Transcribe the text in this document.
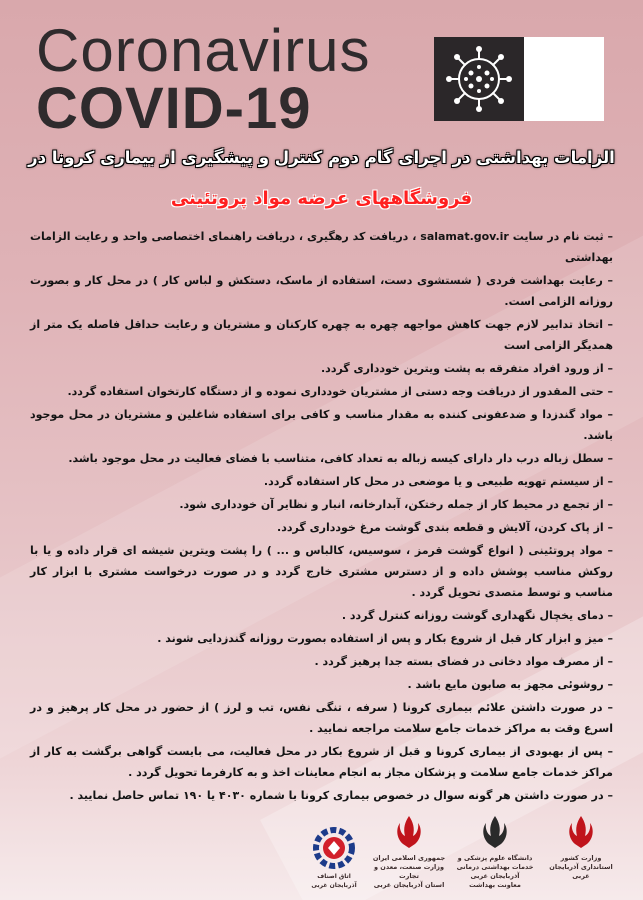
Coronavirus
COVID-19
الزامات بهداشتی در اجرای گام دوم کنترل و پیشگیری از بیماری کرونا در
فروشگاههای عرضه مواد پروتئینی
– ثبت نام در سایت salamat.gov.ir ، دریافت کد رهگیری ، دریافت راهنمای اختصاصی واحد و رعایت الزامات بهداشتی
– رعایت بهداشت فردی ( شستشوی دست، استفاده از ماسک، دستکش و لباس کار ) در محل کار و بصورت روزانه الزامی است.
– اتخاذ تدابیر لازم جهت کاهش مواجهه چهره به چهره کارکنان و مشتریان و رعایت حداقل فاصله یک متر از همدیگر الزامی است
– از ورود افراد متفرقه به پشت ویترین خودداری گردد.
– حتی المقدور از دریافت وجه دستی از مشتریان خودداری نموده و از دستگاه کارتخوان استفاده گردد.
– مواد گندزدا و ضدعفونی کننده به مقدار مناسب و کافی برای استفاده شاغلین و مشتریان در محل موجود باشد.
– سطل زباله درب دار دارای کیسه زباله به تعداد کافی، متناسب با فضای فعالیت در محل موجود باشد.
– از سیستم تهویه طبیعی و یا موضعی در محل کار استفاده گردد.
– از تجمع در محیط کار از جمله رختکن، آبدارخانه، انبار و نظایر آن خودداری شود.
– از پاک کردن، آلایش و قطعه بندی گوشت مرغ خودداری گردد.
– مواد پروتئینی ( انواع گوشت قرمز ، سوسیس، کالباس و ... ) را پشت ویترین شیشه ای قرار داده و یا با روکش مناسب پوشش داده و از دسترس مشتری خارج گردد و در صورت درخواست مشتری با ابزار کار مناسب و توسط متصدی تحویل گردد .
– دمای یخچال نگهداری گوشت روزانه کنترل گردد .
– میز و ابزار کار قبل از شروع بکار و پس از استفاده بصورت روزانه گندزدایی شوند .
– از مصرف مواد دخانی در فضای بسته جدا پرهیز گردد .
– روشوئی مجهز به صابون مایع باشد .
– در صورت داشتن علائم بیماری کرونا ( سرفه ، تنگی نفس، تب و لرز ) از حضور در محل کار پرهیز و در اسرع وقت به مراکز خدمات جامع سلامت مراجعه نمایید .
– پس از بهبودی از بیماری کرونا و قبل از شروع بکار در محل فعالیت، می بایست گواهی برگشت به کار از مراکز خدمات جامع سلامت و پزشکان مجاز به انجام معاینات اخذ و به کارفرما تحویل گردد .
– در صورت داشتن هر گونه سوال در خصوص بیماری کرونا با شماره ۴۰۳۰ یا ۱۹۰ تماس حاصل نمایید .
اتاق اصناف آذربایجان غربی
وزارت کشور
استانداری آذربایجان غربی
دانشگاه علوم پزشکی و خدمات بهداشتی درمانی
آذربایجان غربی
معاونت بهداشت
جمهوری اسلامی ایران
وزارت صنعت، معدن و تجارت
استان آذربایجان غربی
